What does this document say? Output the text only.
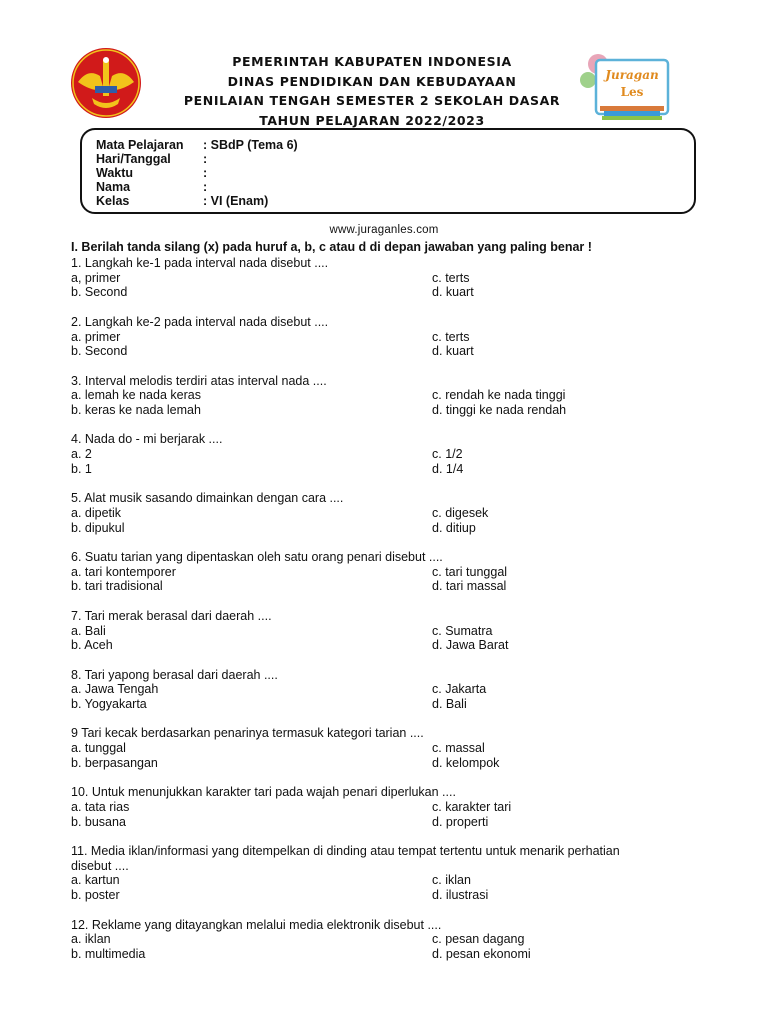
PEMERINTAH KABUPATEN INDONESIA
DINAS PENDIDIKAN DAN KEBUDAYAAN
PENILAIAN TENGAH SEMESTER 2 SEKOLAH DASAR
TAHUN PELAJARAN 2022/2023
Juragan
Les
Mata Pelajaran	: SBdP (Tema 6)
Hari/Tanggal	:
Waktu	:
Nama	:
Kelas	: VI (Enam)
www.juraganles.com
I. Berilah tanda silang (x) pada huruf a, b, c atau d di depan jawaban yang paling benar !
1. Langkah ke-1 pada interval nada disebut ....
a, primer	c. terts
b. Second	d. kuart
2. Langkah ke-2 pada interval nada disebut ....
a. primer	c. terts
b. Second	d. kuart
3. Interval melodis terdiri atas interval nada ....
a. lemah ke nada keras	c. rendah ke nada tinggi
b. keras ke nada lemah	d. tinggi ke nada rendah
4. Nada do - mi berjarak ....
a. 2	c. 1/2
b. 1	d. 1/4
5. Alat musik sasando dimainkan dengan cara ....
a. dipetik	c. digesek
b. dipukul	d. ditiup
6. Suatu tarian yang dipentaskan oleh satu orang penari disebut ....
a. tari kontemporer	c. tari tunggal
b. tari tradisional	d. tari massal
7. Tari merak berasal dari daerah ....
a. Bali	c. Sumatra
b. Aceh	d. Jawa Barat
8. Tari yapong berasal dari daerah ....
a. Jawa Tengah	c. Jakarta
b. Yogyakarta	d. Bali
9 Tari kecak berdasarkan penarinya termasuk kategori tarian ....
a. tunggal	c. massal
b. berpasangan	d. kelompok
10. Untuk menunjukkan karakter tari pada wajah penari diperlukan ....
a. tata rias	c. karakter tari
b. busana	d. properti
11. Media iklan/informasi yang ditempelkan di dinding atau tempat tertentu untuk menarik perhatian
disebut ....
a. kartun	c. iklan
b. poster	d. ilustrasi
12. Reklame yang ditayangkan melalui media elektronik disebut ....
a. iklan	c. pesan dagang
b. multimedia	d. pesan ekonomi
